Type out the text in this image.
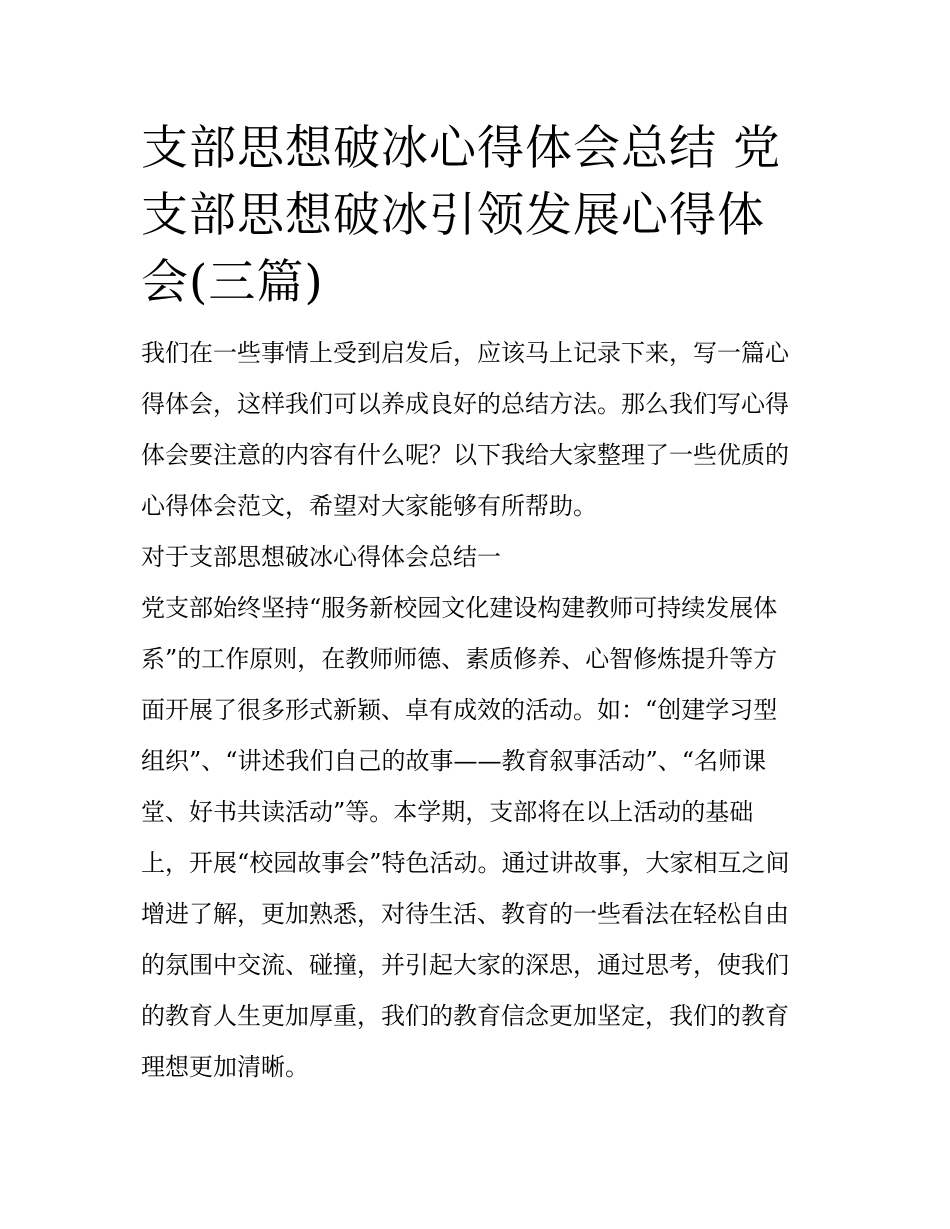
支部思想破冰心得体会总结 党
支部思想破冰引领发展心得体
会(三篇)
我们在一些事情上受到启发后，应该马上记录下来，写一篇心
得体会，这样我们可以养成良好的总结方法。那么我们写心得
体会要注意的内容有什么呢？以下我给大家整理了一些优质的
心得体会范文，希望对大家能够有所帮助。
对于支部思想破冰心得体会总结一
党支部始终坚持“服务新校园文化建设构建教师可持续发展体
系”的工作原则，在教师师德、素质修养、心智修炼提升等方
面开展了很多形式新颖、卓有成效的活动。如：“创建学习型
组织”、“讲述我们自己的故事——教育叙事活动”、“名师课
堂、好书共读活动”等。本学期，支部将在以上活动的基础
上，开展“校园故事会”特色活动。通过讲故事，大家相互之间
增进了解，更加熟悉，对待生活、教育的一些看法在轻松自由
的氛围中交流、碰撞，并引起大家的深思，通过思考，使我们
的教育人生更加厚重，我们的教育信念更加坚定，我们的教育
理想更加清晰。
